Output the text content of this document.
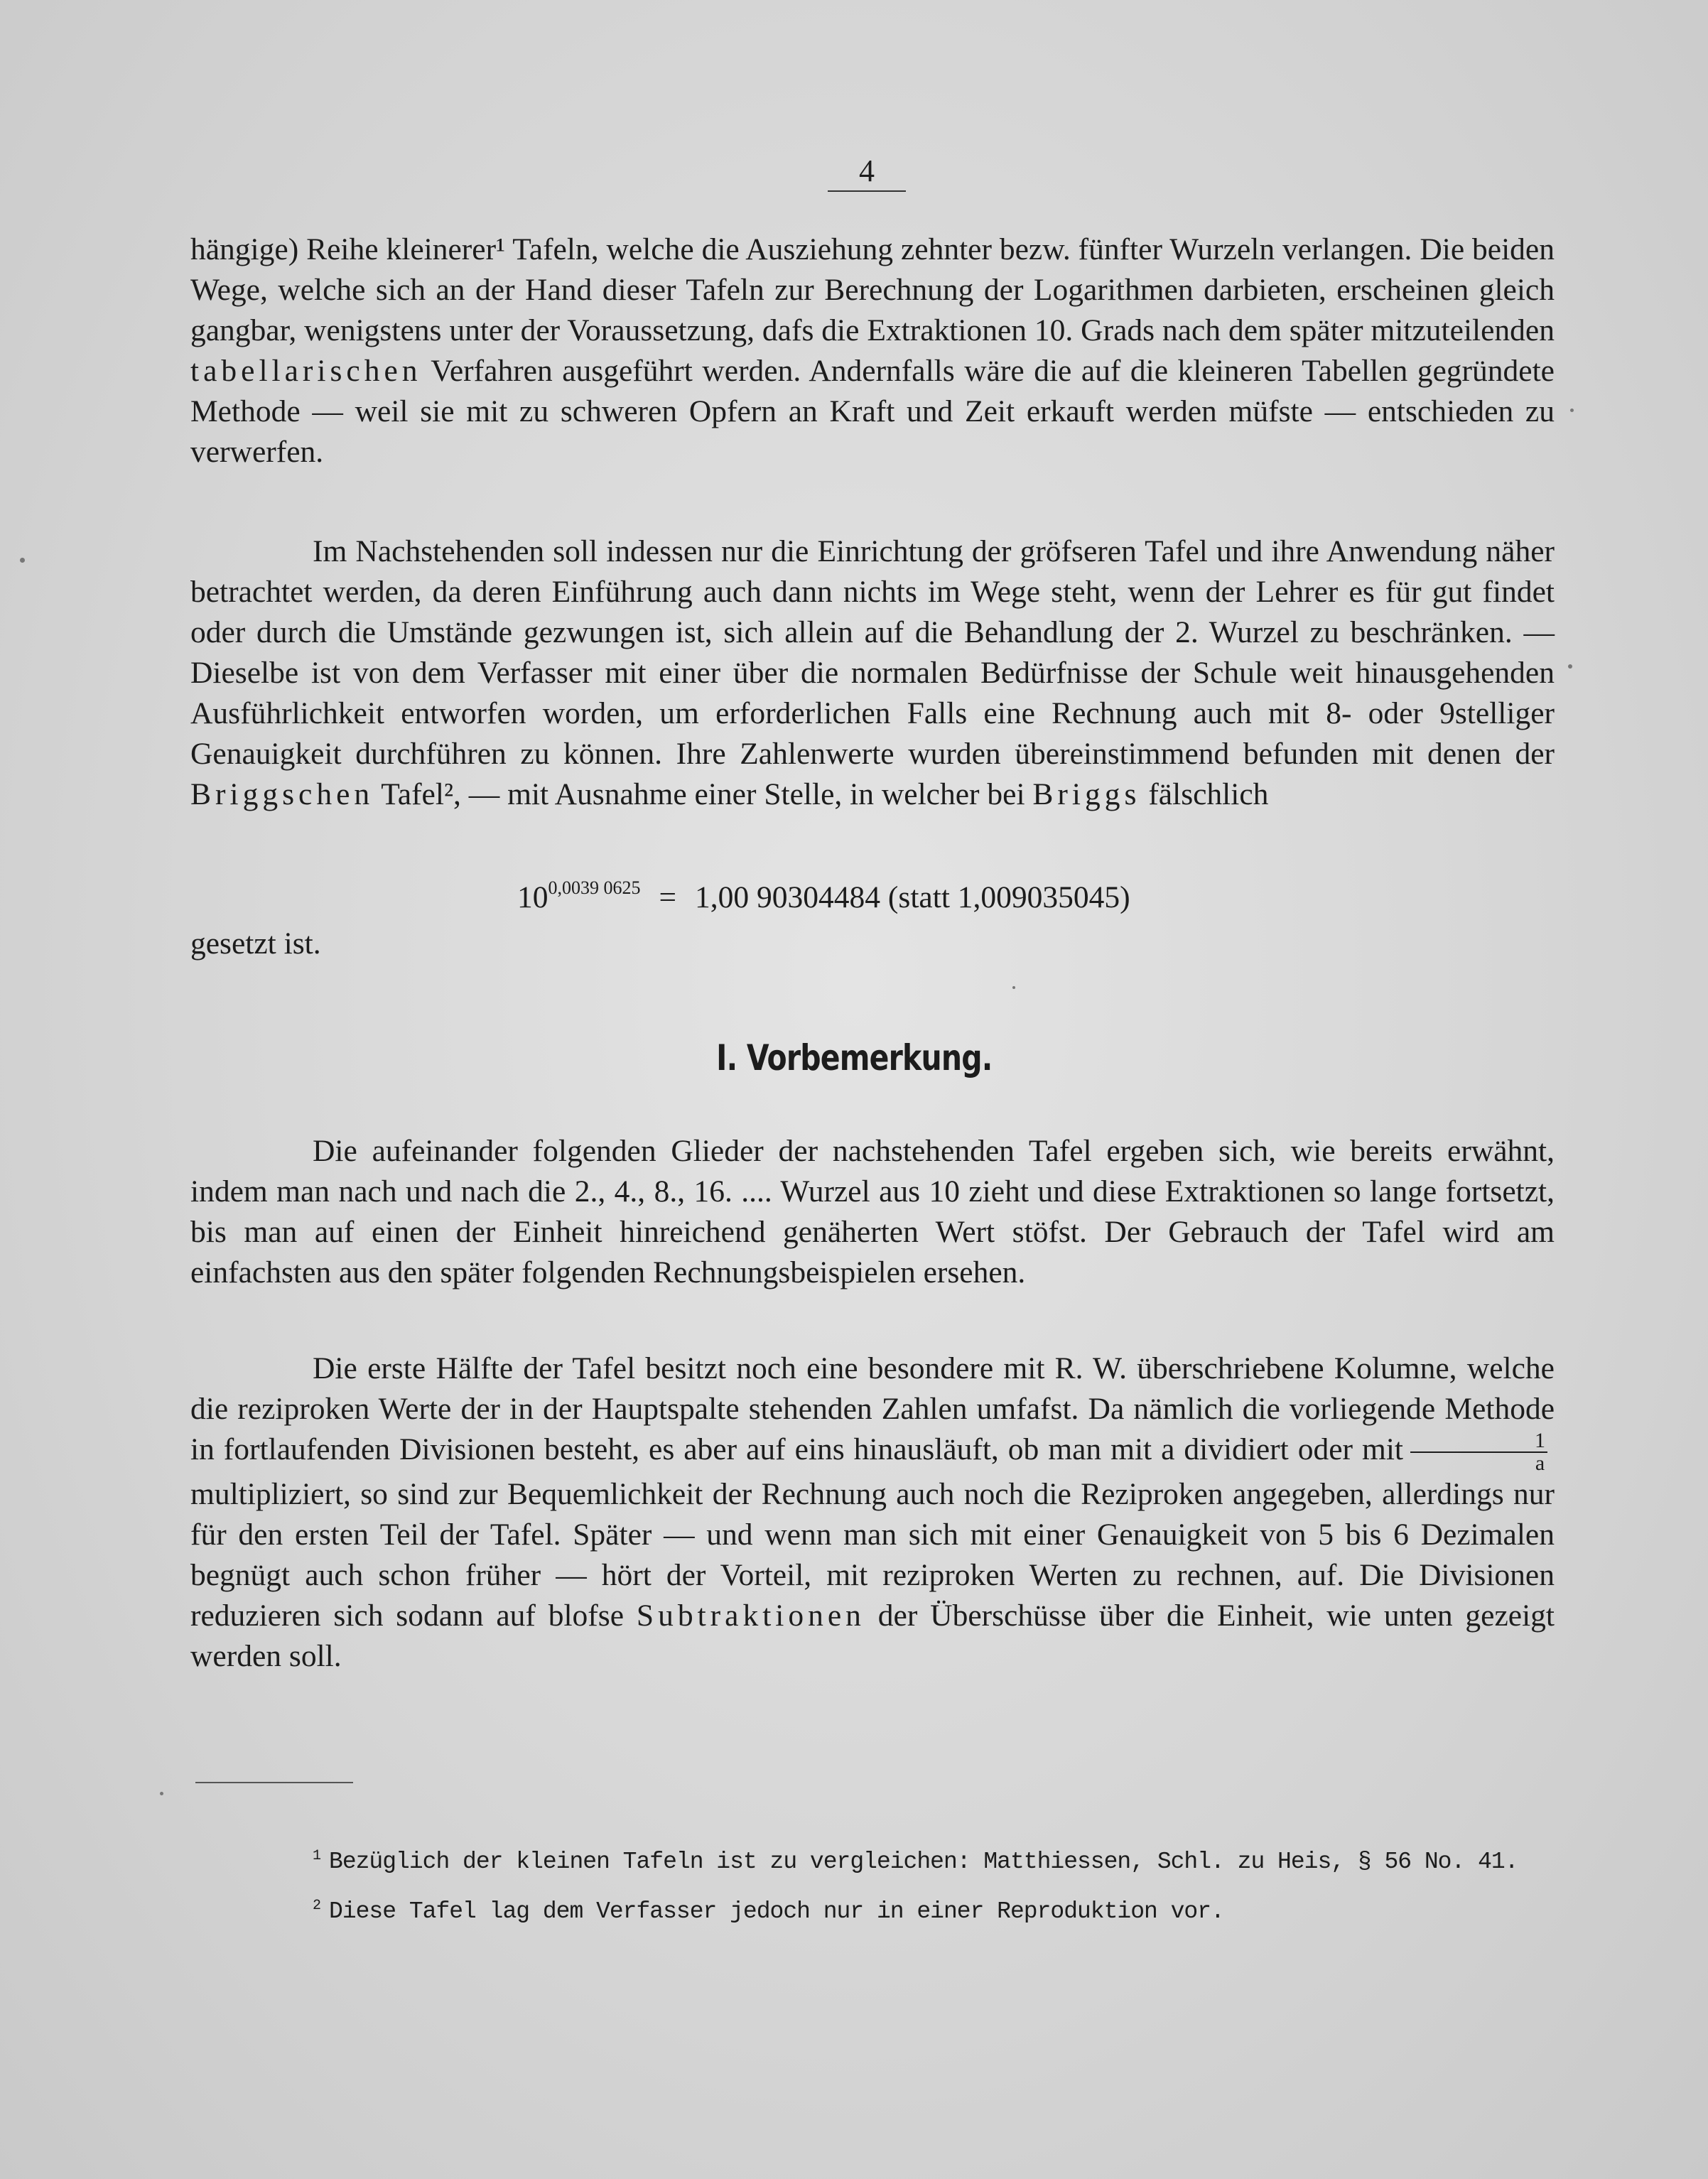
4

hängige) Reihe kleinerer¹ Tafeln, welche die Ausziehung zehnter bezw. fünfter Wurzeln verlangen. Die beiden Wege, welche sich an der Hand dieser Tafeln zur Berechnung der Logarithmen darbieten, erscheinen gleich gangbar, wenigstens unter der Voraussetzung, dafs die Extraktionen 10. Grads nach dem später mitzuteilenden tabellarischen Verfahren ausgeführt werden. Andernfalls wäre die auf die kleineren Tabellen gegründete Methode — weil sie mit zu schweren Opfern an Kraft und Zeit erkauft werden müfste — entschieden zu verwerfen.

Im Nachstehenden soll indessen nur die Einrichtung der gröfseren Tafel und ihre Anwendung näher betrachtet werden, da deren Einführung auch dann nichts im Wege steht, wenn der Lehrer es für gut findet oder durch die Umstände gezwungen ist, sich allein auf die Behandlung der 2. Wurzel zu beschränken. — Dieselbe ist von dem Verfasser mit einer über die normalen Bedürfnisse der Schule weit hinausgehenden Ausführlichkeit entworfen worden, um erforderlichen Falls eine Rechnung auch mit 8- oder 9stelliger Genauigkeit durchführen zu können. Ihre Zahlenwerte wurden übereinstimmend befunden mit denen der Briggschen Tafel², — mit Ausnahme einer Stelle, in welcher bei Briggs fälschlich

$10^{0,0039 0625} = 1,00$ 90304484 (statt 1,009035045)
gesetzt ist.
I. Vorbemerkung.

Die aufeinander folgenden Glieder der nachstehenden Tafel ergeben sich, wie bereits erwähnt, indem man nach und nach die 2., 4., 8., 16. .... Wurzel aus 10 zieht und diese Extraktionen so lange fortsetzt, bis man auf einen der Einheit hinreichend genäherten Wert stöfst. Der Gebrauch der Tafel wird am einfachsten aus den später folgenden Rechnungsbeispielen ersehen.

Die erste Hälfte der Tafel besitzt noch eine besondere mit R. W. überschriebene Kolumne, welche die reziproken Werte der in der Hauptspalte stehenden Zahlen umfafst. Da nämlich die vorliegende Methode in fortlaufenden Divisionen besteht, es aber auf eins hinausläuft, ob man mit a dividiert oder mit $\frac{1}{a}$
multipliziert, so sind zur Bequemlichkeit der Rechnung auch noch die Reziproken angegeben, allerdings nur für den ersten Teil der Tafel. Später — und wenn man sich mit einer Genauigkeit von 5 bis 6 Dezimalen begnügt auch schon früher — hört der Vorteil, mit reziproken Werten zu rechnen, auf. Die Divisionen reduzieren sich sodann auf blofse Subtraktionen der Überschüsse über die Einheit, wie unten gezeigt werden soll.

$^1$ Bezüglich der kleinen Tafeln ist zu vergleichen: Matthiessen, Schl. zu Heis, § 56 No. 41.
$^2$ Diese Tafel lag dem Verfasser jedoch nur in einer Reproduktion vor.
